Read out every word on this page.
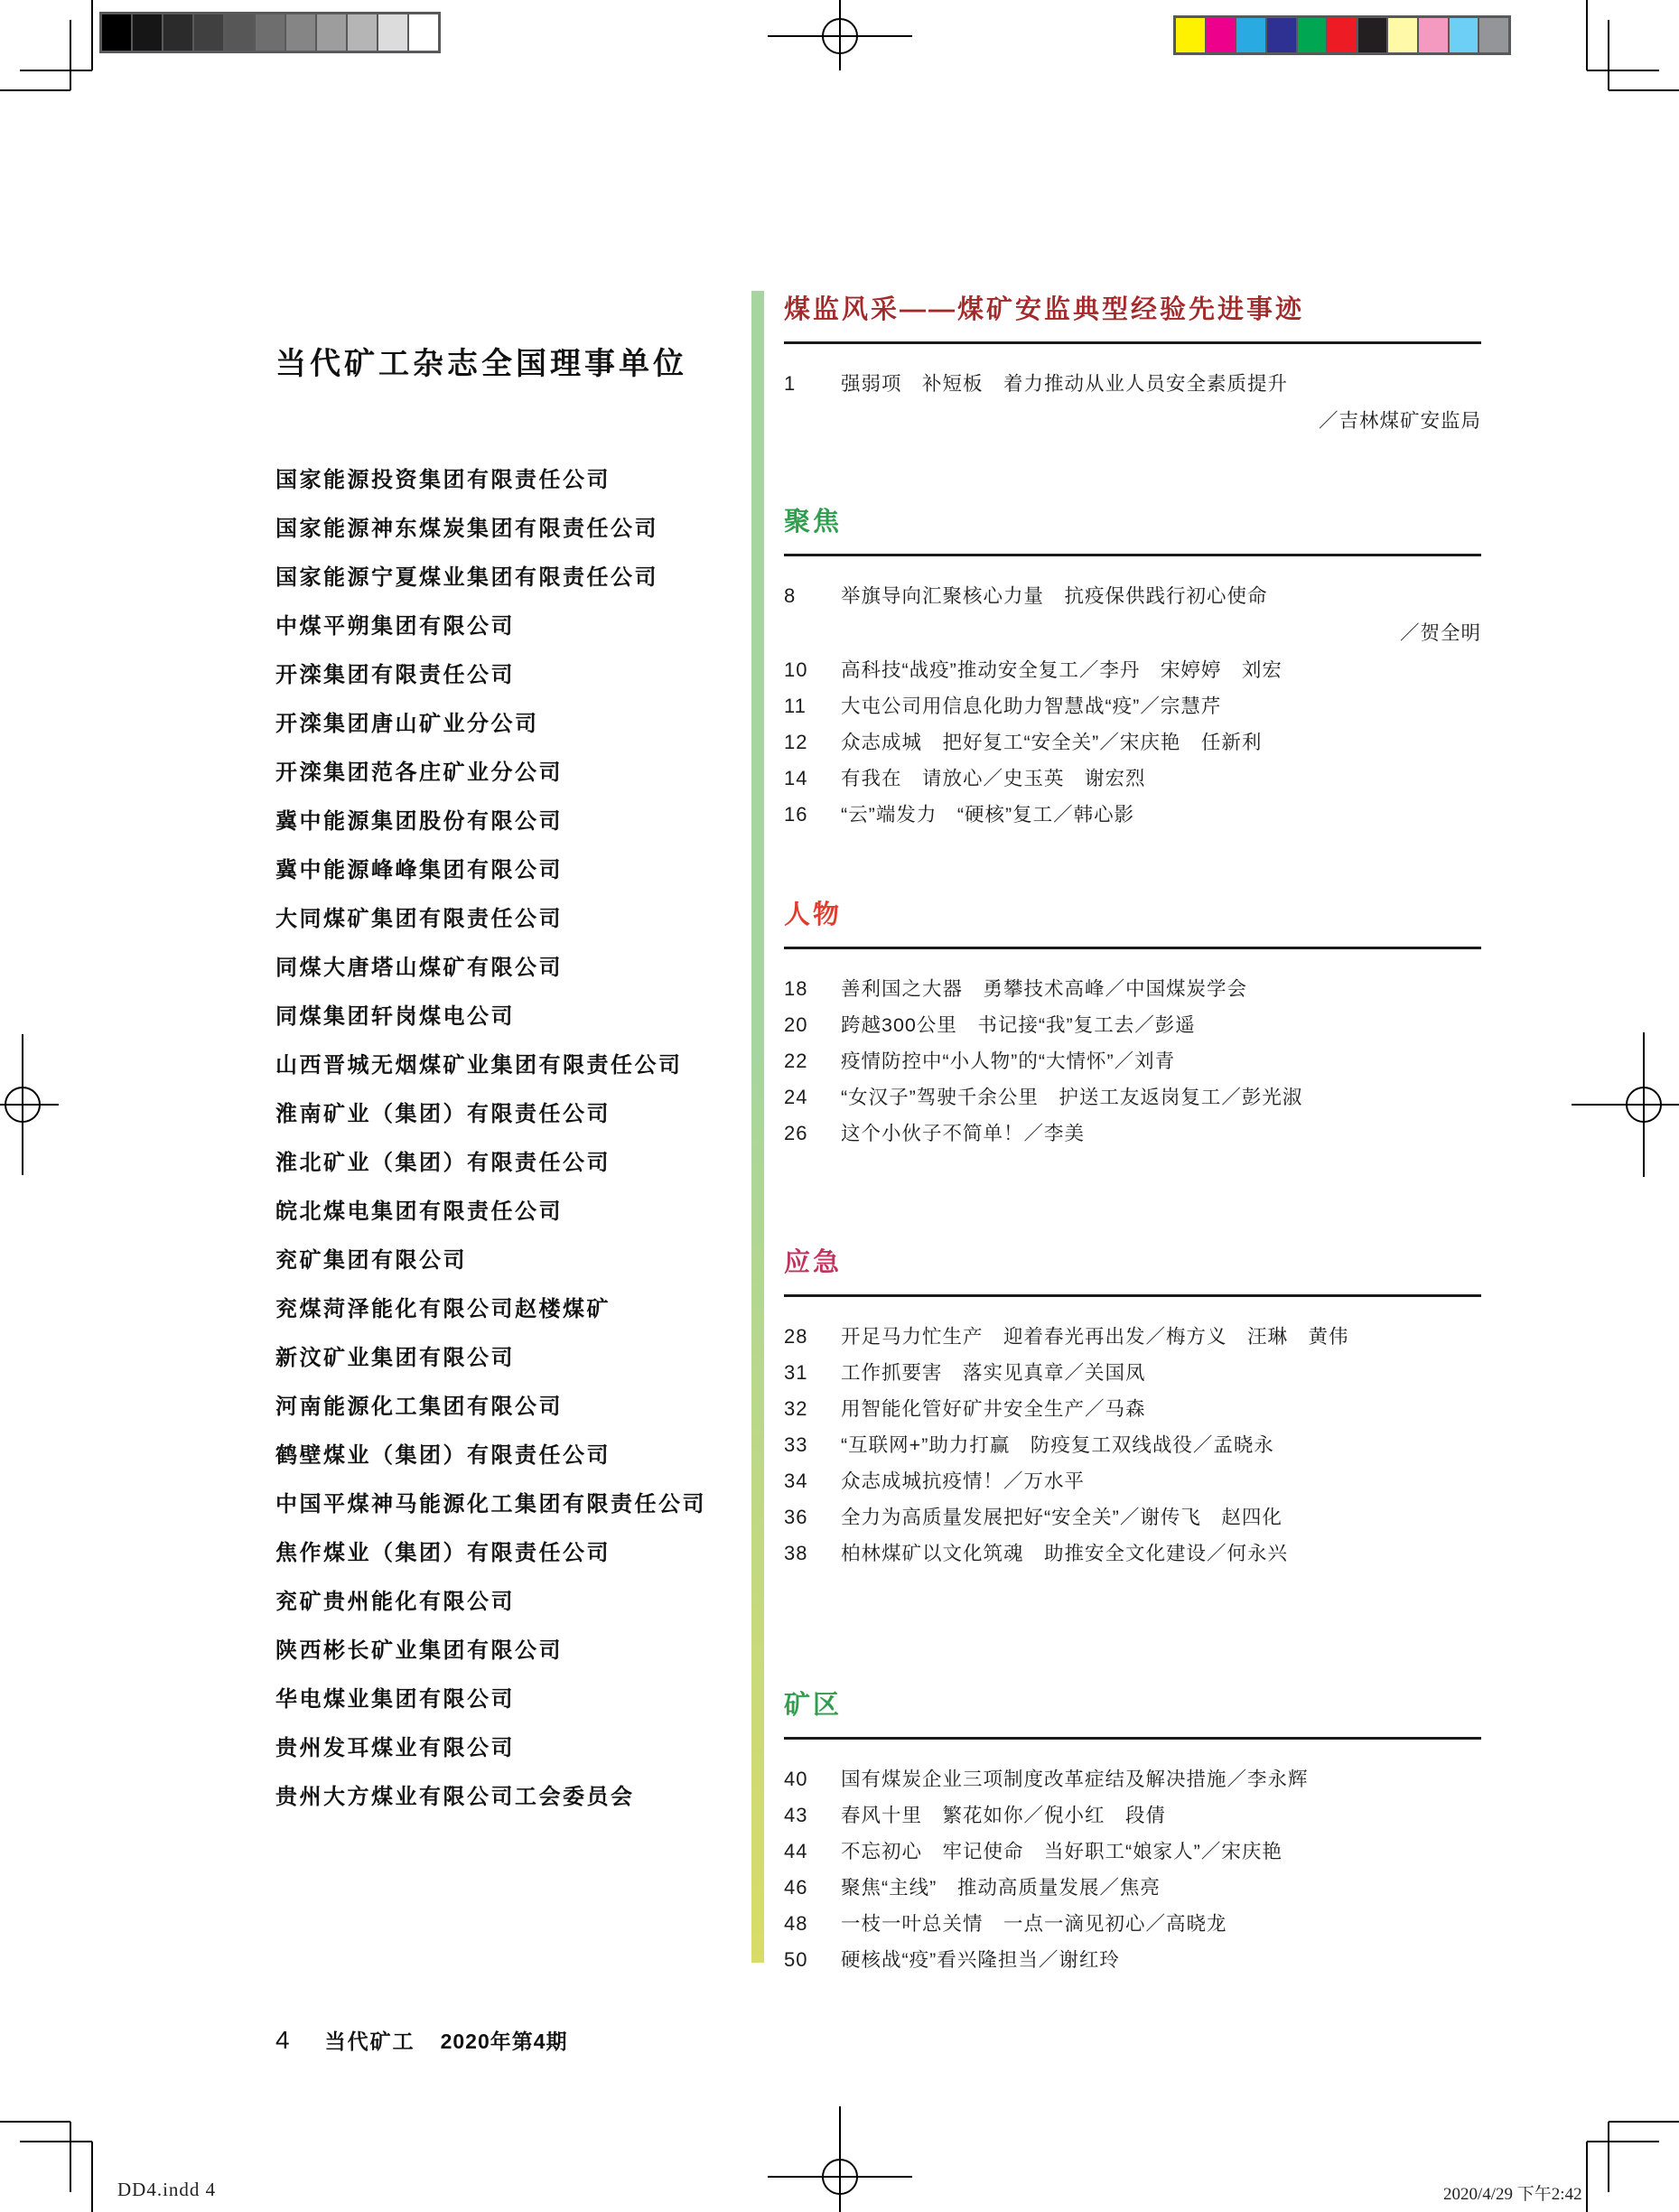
当代矿工杂志全国理事单位
国家能源投资集团有限责任公司
国家能源神东煤炭集团有限责任公司
国家能源宁夏煤业集团有限责任公司
中煤平朔集团有限公司
开滦集团有限责任公司
开滦集团唐山矿业分公司
开滦集团范各庄矿业分公司
冀中能源集团股份有限公司
冀中能源峰峰集团有限公司
大同煤矿集团有限责任公司
同煤大唐塔山煤矿有限公司
同煤集团轩岗煤电公司
山西晋城无烟煤矿业集团有限责任公司
淮南矿业（集团）有限责任公司
淮北矿业（集团）有限责任公司
皖北煤电集团有限责任公司
兖矿集团有限公司
兖煤菏泽能化有限公司赵楼煤矿
新汶矿业集团有限公司
河南能源化工集团有限公司
鹤壁煤业（集团）有限责任公司
中国平煤神马能源化工集团有限责任公司
焦作煤业（集团）有限责任公司
兖矿贵州能化有限公司
陕西彬长矿业集团有限公司
华电煤业集团有限公司
贵州发耳煤业有限公司
贵州大方煤业有限公司工会委员会
4 当代矿工 2020年第4期
煤监风采——煤矿安监典型经验先进事迹
1 强弱项　补短板　着力推动从业人员安全素质提升
／吉林煤矿安监局
聚焦
8 举旗导向汇聚核心力量　抗疫保供践行初心使命
／贺全明
10 高科技“战疫”推动安全复工／李丹　宋婷婷　刘宏
11 大屯公司用信息化助力智慧战“疫”／宗慧芹
12 众志成城　把好复工“安全关”／宋庆艳　任新利
14 有我在　请放心／史玉英　谢宏烈
16 “云”端发力　“硬核”复工／韩心影
人物
18 善利国之大器　勇攀技术高峰／中国煤炭学会
20 跨越300公里　书记接“我”复工去／彭遥
22 疫情防控中“小人物”的“大情怀”／刘青
24 “女汉子”驾驶千余公里　护送工友返岗复工／彭光淑
26 这个小伙子不简单！／李美
应急
28 开足马力忙生产　迎着春光再出发／梅方义　汪琳　黄伟
31 工作抓要害　落实见真章／关国凤
32 用智能化管好矿井安全生产／马森
33 “互联网+”助力打赢　防疫复工双线战役／孟晓永
34 众志成城抗疫情！／万水平
36 全力为高质量发展把好“安全关”／谢传飞　赵四化
38 柏林煤矿以文化筑魂　助推安全文化建设／何永兴
矿区
40 国有煤炭企业三项制度改革症结及解决措施／李永辉
43 春风十里　繁花如你／倪小红　段倩
44 不忘初心　牢记使命　当好职工“娘家人”／宋庆艳
46 聚焦“主线”　推动高质量发展／焦亮
48 一枝一叶总关情　一点一滴见初心／高晓龙
50 硬核战“疫”看兴隆担当／谢红玲
DD4.indd 4	2020/4/29 下午2:42
